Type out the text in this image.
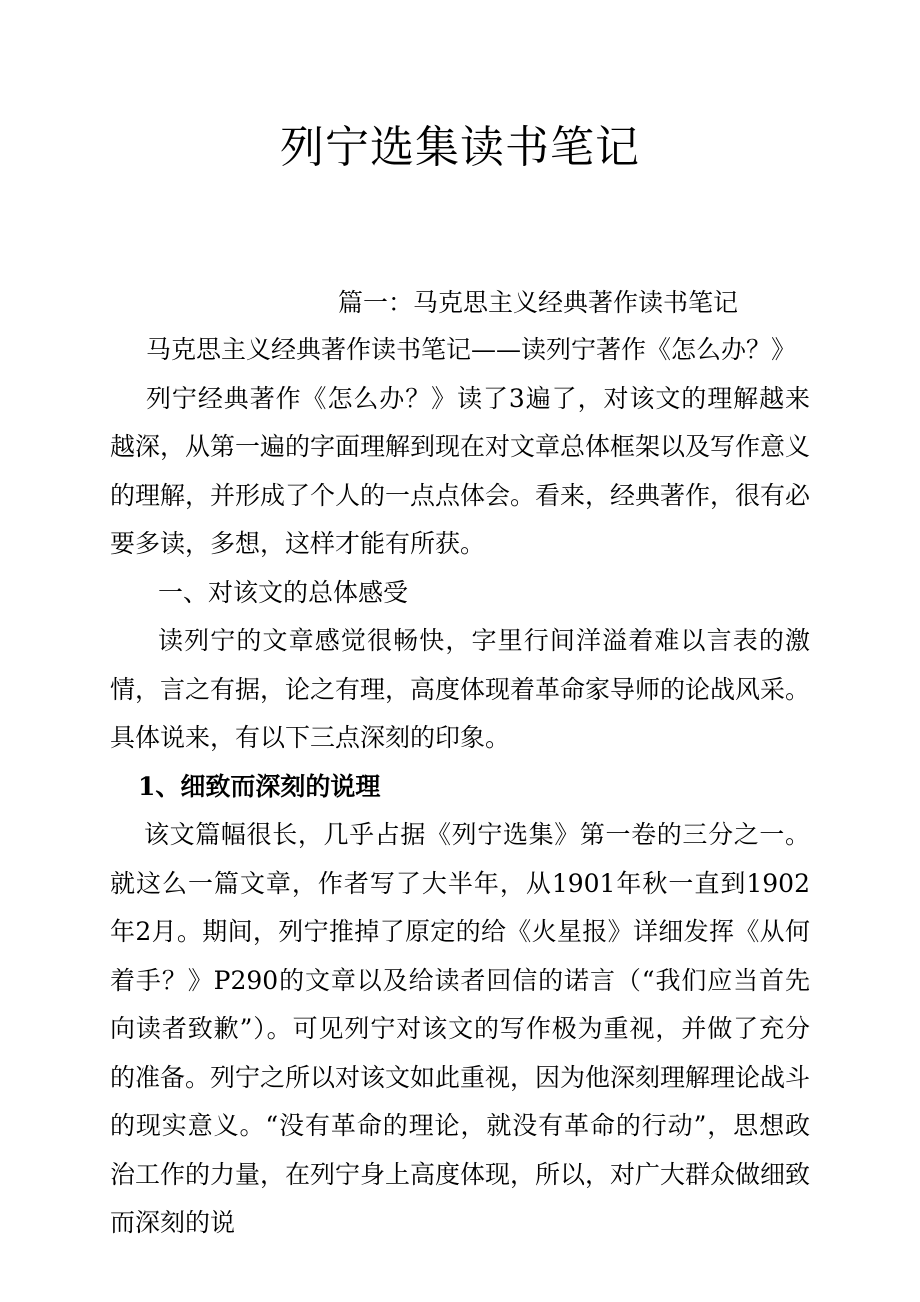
列宁选集读书笔记
篇一：马克思主义经典著作读书笔记

马克思主义经典著作读书笔记——读列宁著作《怎么办？》

列宁经典著作《怎么办？》读了3遍了，对该文的理解越来越深，从第一遍的字面理解到现在对文章总体框架以及写作意义的理解，并形成了个人的一点点体会。看来，经典著作，很有必要多读，多想，这样才能有所获。

一、对该文的总体感受

读列宁的文章感觉很畅快，字里行间洋溢着难以言表的激情，言之有据，论之有理，高度体现着革命家导师的论战风采。具体说来，有以下三点深刻的印象。

1、细致而深刻的说理

该文篇幅很长，几乎占据《列宁选集》第一卷的三分之一。就这么一篇文章，作者写了大半年，从1901年秋一直到1902年2月。期间，列宁推掉了原定的给《火星报》详细发挥《从何着手？》P290的文章以及给读者回信的诺言（“我们应当首先向读者致歉”）。可见列宁对该文的写作极为重视，并做了充分的准备。列宁之所以对该文如此重视，因为他深刻理解理论战斗的现实意义。“没有革命的理论，就没有革命的行动”，思想政治工作的力量，在列宁身上高度体现，所以，对广大群众做细致而深刻的说
